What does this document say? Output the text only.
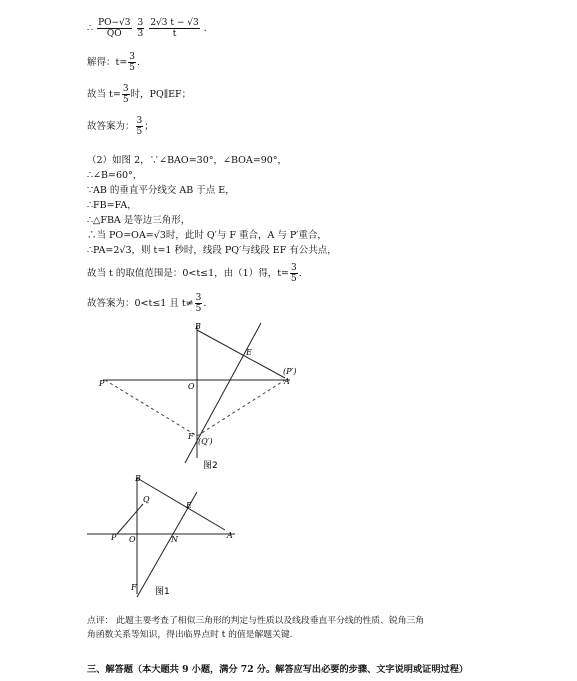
∴ $\frac{PO-√3}{QO}$
$\frac{3}{3}$
$\frac{2√3 t - √3}{t}$ .
解得：$t= \frac{3}{5}$ .
故当 $t= \frac{3}{5}$ 时，PQ∥EF；
故答案为： $\frac{3}{5}$ ；
（2）如图 2，∵∠BAO=30°，∠BOA=90°，
∴∠B=60°，
∵AB 的垂直平分线交 AB 于点 E，
∴FB=FA，
∴△FBA 是等边三角形，
∴当 PO=OA=√3时，此时 Q′与 F 重合，A 与 P′重合，
∴PA=2√3，则 t=1 秒时，线段 PQ′与线段 EF 有公共点，
故当 t 的取值范围是：0<t≤1，由（1）得，$t= \frac{3}{5}$ .
故答案为：0<t≤1 且 $t\ne \frac{3}{5}$ .
B
E
P	O
(P′)
A
F
(Q′)
图2
B
Q
E
P O	N	A
F 图1
点评： 此题主要考查了相似三角形的判定与性质以及线段垂直平分线的性质、锐角三角
角函数关系等知识，得出临界点时 t 的值是解题关键.
三、解答题（本大题共 9 小题，满分 72 分。解答应写出必要的步骤、文字说明或证明过程）
